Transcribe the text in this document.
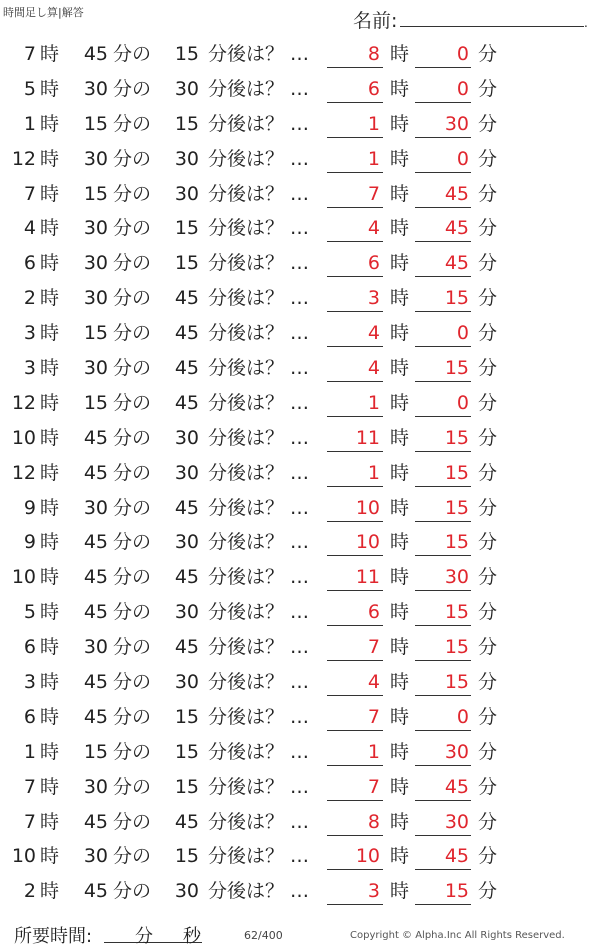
時間足し算|解答	名前:	.
7 時	45 分の	15 分後は？ …	8 時	0 分
5 時	30 分の	30 分後は？ …	6 時	0 分
1 時	15 分の	15 分後は？ …	1 時	30 分
12 時	30 分の	30 分後は？ …	1 時	0 分
7 時	15 分の	30 分後は？ …	7 時	45 分
4 時	30 分の	15 分後は？ …	4 時	45 分
6 時	30 分の	15 分後は？ …	6 時	45 分
2 時	30 分の	45 分後は？ …	3 時	15 分
3 時	15 分の	45 分後は？ …	4 時	0 分
3 時	30 分の	45 分後は？ …	4 時	15 分
12 時	15 分の	45 分後は？ …	1 時	0 分
10 時	45 分の	30 分後は？ …	11 時	15 分
12 時	45 分の	30 分後は？ …	1 時	15 分
9 時	30 分の	45 分後は？ …	10 時	15 分
9 時	45 分の	30 分後は？ …	10 時	15 分
10 時	45 分の	45 分後は？ …	11 時	30 分
5 時	45 分の	30 分後は？ …	6 時	15 分
6 時	30 分の	45 分後は？ …	7 時	15 分
3 時	45 分の	30 分後は？ …	4 時	15 分
6 時	45 分の	15 分後は？ …	7 時	0 分
1 時	15 分の	15 分後は？ …	1 時	30 分
7 時	30 分の	15 分後は？ …	7 時	45 分
7 時	45 分の	45 分後は？ …	8 時	30 分
10 時	30 分の	15 分後は？ …	10 時	45 分
2 時	45 分の	30 分後は？ …	3 時	15 分
所要時間: 分 秒	62/400	Copyright © Alpha.Inc All Rights Reserved.
